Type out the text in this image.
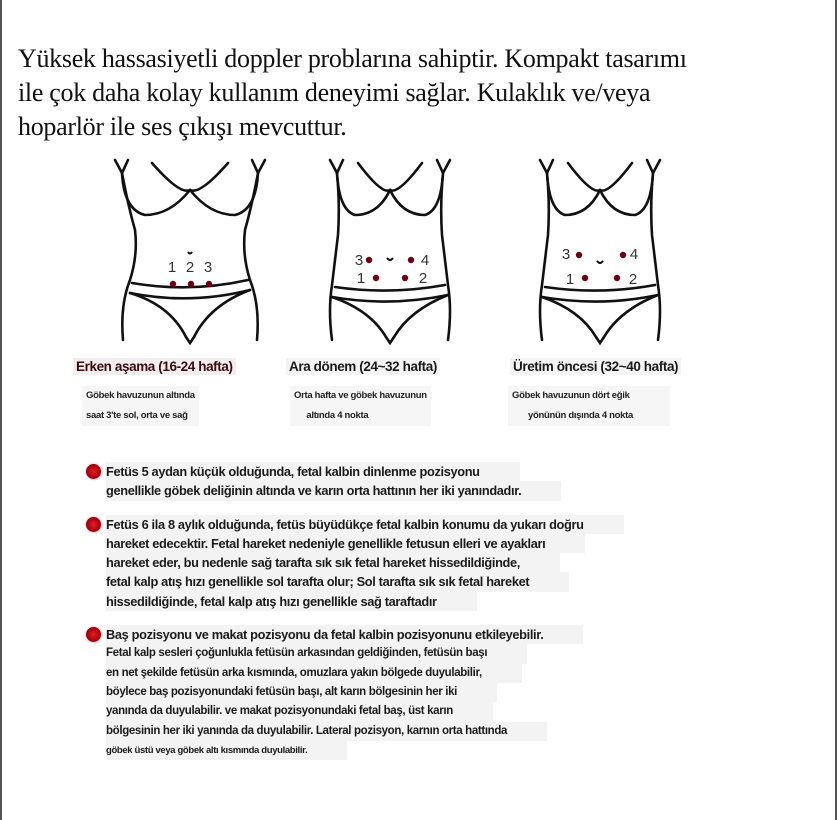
Yüksek hassasiyetli doppler problarına sahiptir. Kompakt tasarımı
ile çok daha kolay kullanım deneyimi sağlar. Kulaklık ve/veya
hoparlör ile ses çıkışı mevcuttur.
1 2 3	3	4
1	2
3	4
1	2
Erken aşama (16-24 hafta)	Ara dönem (24~32 hafta)	Üretim öncesi (32~40 hafta)
Göbek havuzunun altında
saat 3'te sol, orta ve sağ
Orta hafta ve göbek havuzunun
altında 4 nokta
Göbek havuzunun dört eğik
yönünün dışında 4 nokta
Fetüs 5 aydan küçük olduğunda, fetal kalbin dinlenme pozisyonu
genellikle göbek deliğinin altında ve karın orta hattının her iki yanındadır.
Fetüs 6 ila 8 aylık olduğunda, fetüs büyüdükçe fetal kalbin konumu da yukarı doğru
hareket edecektir. Fetal hareket nedeniyle genellikle fetusun elleri ve ayakları
hareket eder, bu nedenle sağ tarafta sık sık fetal hareket hissedildiğinde,
fetal kalp atış hızı genellikle sol tarafta olur; Sol tarafta sık sık fetal hareket
hissedildiğinde, fetal kalp atış hızı genellikle sağ taraftadır
Baş pozisyonu ve makat pozisyonu da fetal kalbin pozisyonunu etkileyebilir.
Fetal kalp sesleri çoğunlukla fetüsün arkasından geldiğinden, fetüsün başı
en net şekilde fetüsün arka kısmında, omuzlara yakın bölgede duyulabilir,
böylece baş pozisyonundaki fetüsün başı, alt karın bölgesinin her iki
yanında da duyulabilir. ve makat pozisyonundaki fetal baş, üst karın
bölgesinin her iki yanında da duyulabilir. Lateral pozisyon, karnın orta hattında
göbek üstü veya göbek altı kısmında duyulabilir.
